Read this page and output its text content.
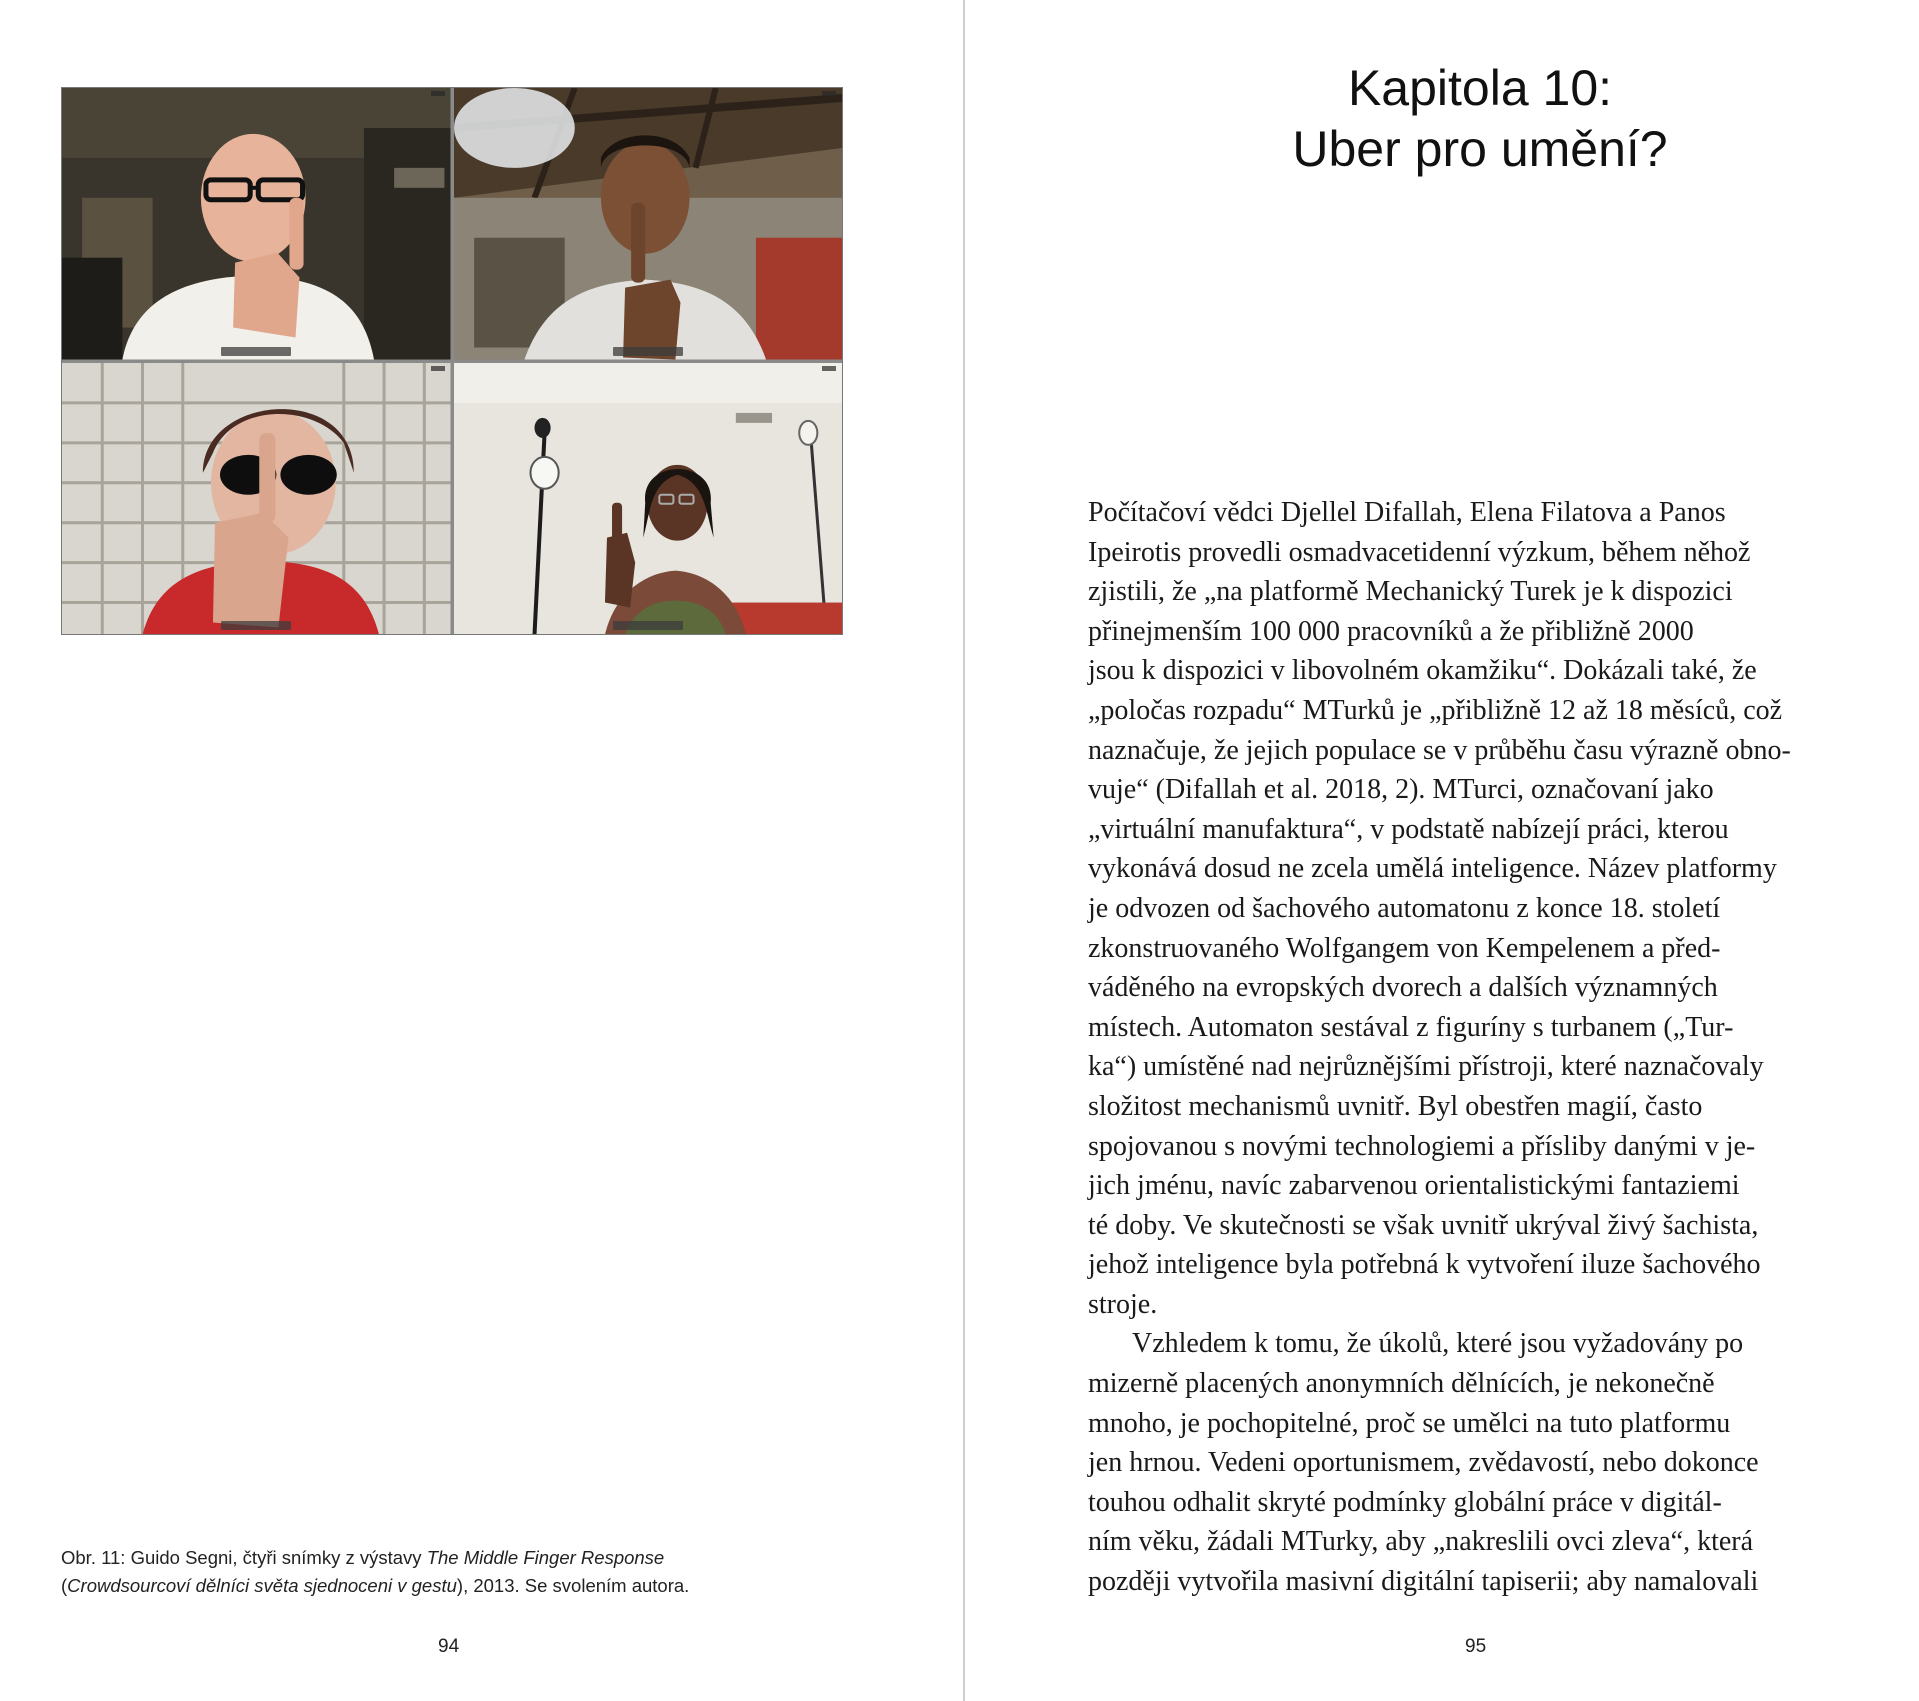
Obr. 11: Guido Segni, čtyři snímky z výstavy The Middle Finger Response
(Crowdsourcoví dělníci světa sjednoceni v gestu), 2013. Se svolením autora.
94
Kapitola 10:
Uber pro umění?
Počítačoví vědci Djellel Difallah, Elena Filatova a Panos
Ipeirotis provedli osmadvacetidenní výzkum, během něhož
zjistili, že „na platformě Mechanický Turek je k dispozici
přinejmenším 100 000 pracovníků a že přibližně 2000
jsou k dispozici v libovolném okamžiku“. Dokázali také, že
„poločas rozpadu“ MTurků je „přibližně 12 až 18 měsíců, což
naznačuje, že jejich populace se v průběhu času výrazně obno-
vuje“ (Difallah et al. 2018, 2). MTurci, označovaní jako
„virtuální manufaktura“, v podstatě nabízejí práci, kterou
vykonává dosud ne zcela umělá inteligence. Název platformy
je odvozen od šachového automatonu z konce 18. století
zkonstruovaného Wolfgangem von Kempelenem a před-
váděného na evropských dvorech a dalších významných
místech. Automaton sestával z figuríny s turbanem („Tur-
ka“) umístěné nad nejrůznějšími přístroji, které naznačovaly
složitost mechanismů uvnitř. Byl obestřen magií, často
spojovanou s novými technologiemi a přísliby danými v je-
jich jménu, navíc zabarvenou orientalistickými fantaziemi
té doby. Ve skutečnosti se však uvnitř ukrýval živý šachista,
jehož inteligence byla potřebná k vytvoření iluze šachového
stroje.
Vzhledem k tomu, že úkolů, které jsou vyžadovány po
mizerně placených anonymních dělnících, je nekonečně
mnoho, je pochopitelné, proč se umělci na tuto platformu
jen hrnou. Vedeni oportunismem, zvědavostí, nebo dokonce
touhou odhalit skryté podmínky globální práce v digitál-
ním věku, žádali MTurky, aby „nakreslili ovci zleva“, která
později vytvořila masivní digitální tapiserii; aby namalovali
95
